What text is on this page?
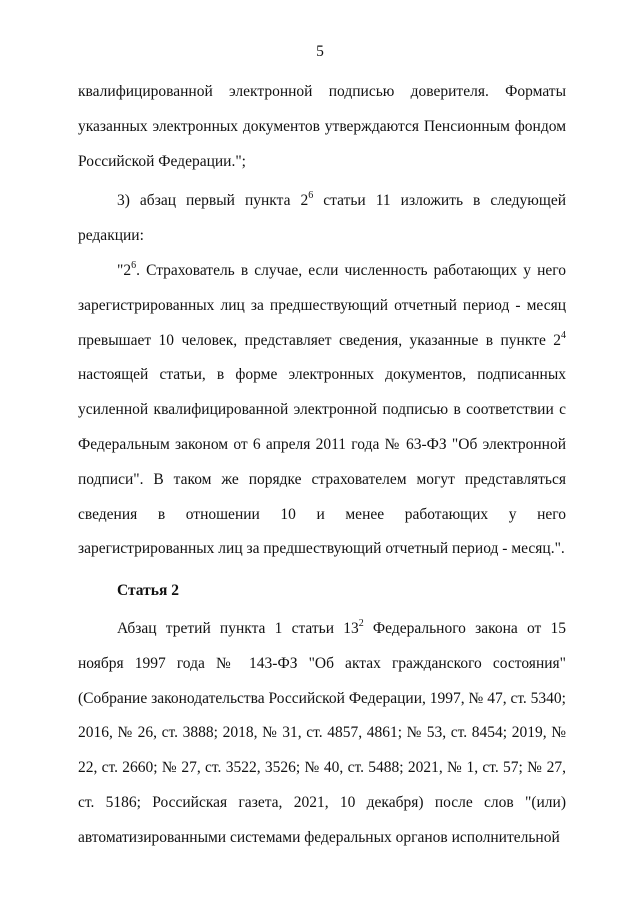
5

квалифицированной электронной подписью доверителя. Форматы указанных электронных документов утверждаются Пенсионным фондом Российской Федерации.";

3) абзац первый пункта $2^6$ статьи 11 изложить в следующей редакции:

"$2^6$. Страхователь в случае, если численность работающих у него зарегистрированных лиц за предшествующий отчетный период - месяц превышает 10 человек, представляет сведения, указанные в пункте $2^4$ настоящей статьи, в форме электронных документов, подписанных усиленной квалифицированной электронной подписью в соответствии с Федеральным законом от 6 апреля 2011 года № 63-ФЗ "Об электронной подписи". В таком же порядке страхователем могут представляться сведения в отношении 10 и менее работающих у него зарегистрированных лиц за предшествующий отчетный период - месяц.".

Статья 2

Абзац третий пункта 1 статьи $13^2$ Федерального закона от 15 ноября 1997 года № 143-ФЗ "Об актах гражданского состояния" (Собрание законодательства Российской Федерации, 1997, № 47, ст. 5340; 2016, № 26, ст. 3888; 2018, № 31, ст. 4857, 4861; № 53, ст. 8454; 2019, № 22, ст. 2660; № 27, ст. 3522, 3526; № 40, ст. 5488; 2021, № 1, ст. 57; № 27, ст. 5186; Российская газета, 2021, 10 декабря) после слов "(или) автоматизированными системами федеральных органов исполнительной
